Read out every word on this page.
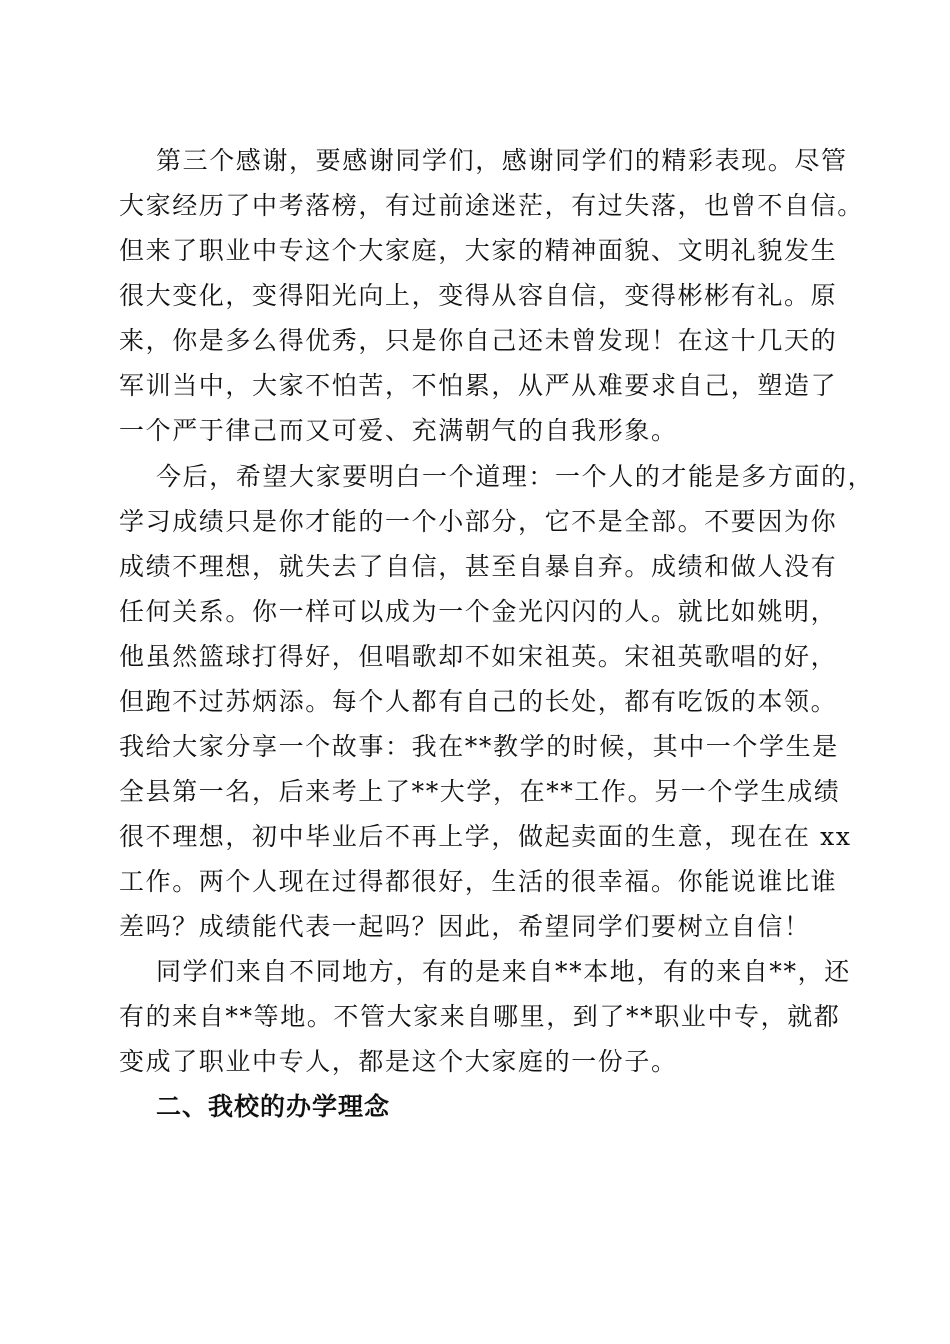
第三个感谢，要感谢同学们，感谢同学们的精彩表现。尽管
大家经历了中考落榜，有过前途迷茫，有过失落，也曾不自信。
但来了职业中专这个大家庭，大家的精神面貌、文明礼貌发生
很大变化，变得阳光向上，变得从容自信，变得彬彬有礼。原
来，你是多么得优秀，只是你自己还未曾发现！在这十几天的
军训当中，大家不怕苦，不怕累，从严从难要求自己，塑造了
一个严于律己而又可爱、充满朝气的自我形象。
今后，希望大家要明白一个道理：一个人的才能是多方面的，
学习成绩只是你才能的一个小部分，它不是全部。不要因为你
成绩不理想，就失去了自信，甚至自暴自弃。成绩和做人没有
任何关系。你一样可以成为一个金光闪闪的人。就比如姚明，
他虽然篮球打得好，但唱歌却不如宋祖英。宋祖英歌唱的好，
但跑不过苏炳添。每个人都有自己的长处，都有吃饭的本领。
我给大家分享一个故事：我在**教学的时候，其中一个学生是
全县第一名，后来考上了**大学，在**工作。另一个学生成绩
很不理想，初中毕业后不再上学，做起卖面的生意，现在在 xx
工作。两个人现在过得都很好，生活的很幸福。你能说谁比谁
差吗？成绩能代表一起吗？因此，希望同学们要树立自信！
同学们来自不同地方，有的是来自**本地，有的来自**，还
有的来自**等地。不管大家来自哪里，到了**职业中专，就都
变成了职业中专人，都是这个大家庭的一份子。
二、我校的办学理念
